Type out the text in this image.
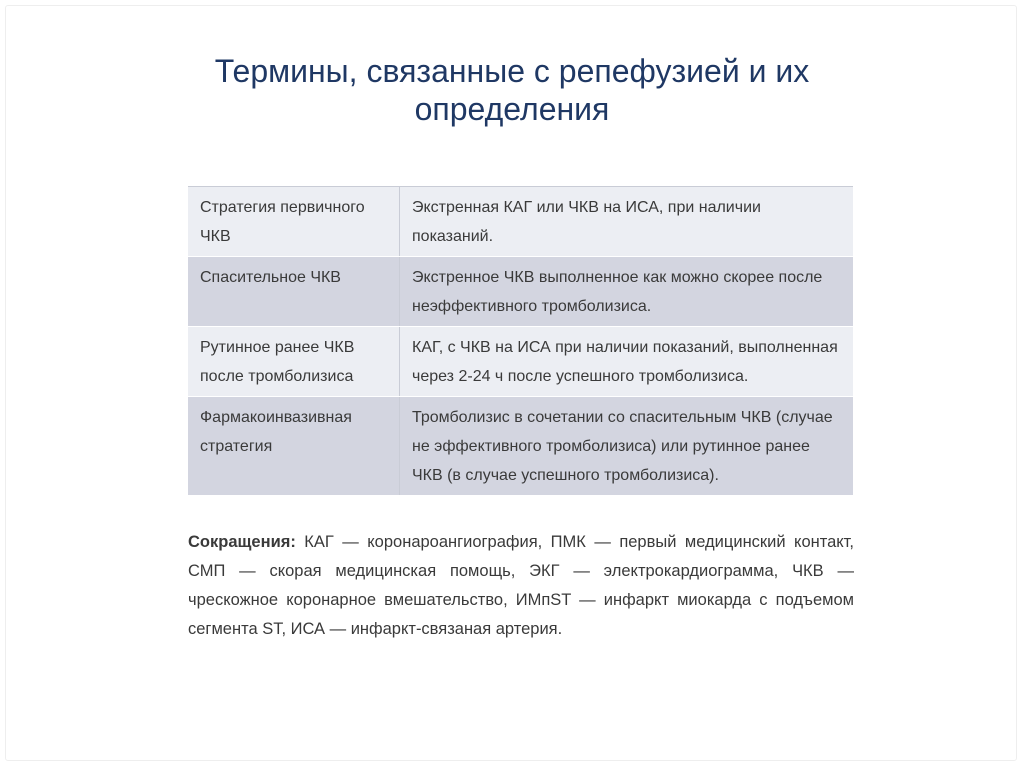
Термины, связанные с репефузией и их определения
Стратегия первичного ЧКВ	Экстренная КАГ или ЧКВ на ИСА, при наличии показаний.
Спасительное ЧКВ	Экстренное ЧКВ выполненное как можно скорее после неэффективного тромболизиса.
Рутинное ранее ЧКВ после тромболизиса	КАГ, с ЧКВ на ИСА при наличии показаний, выполненная через 2-24 ч после успешного тромболизиса.
Фармакоинвазивная стратегия	Тромболизис в сочетании со спасительным ЧКВ (случае не эффективного тромболизиса) или рутинное ранее ЧКВ (в случае успешного тромболизиса).

Сокращения: КАГ — коронароангиография, ПМК — первый медицинский контакт, СМП — скорая медицинская помощь, ЭКГ — электрокардиограмма, ЧКВ — чрескожное коронарное вмешательство, ИМпST — инфаркт миокарда с подъемом сегмента ST, ИСА — инфаркт-связаная артерия.
